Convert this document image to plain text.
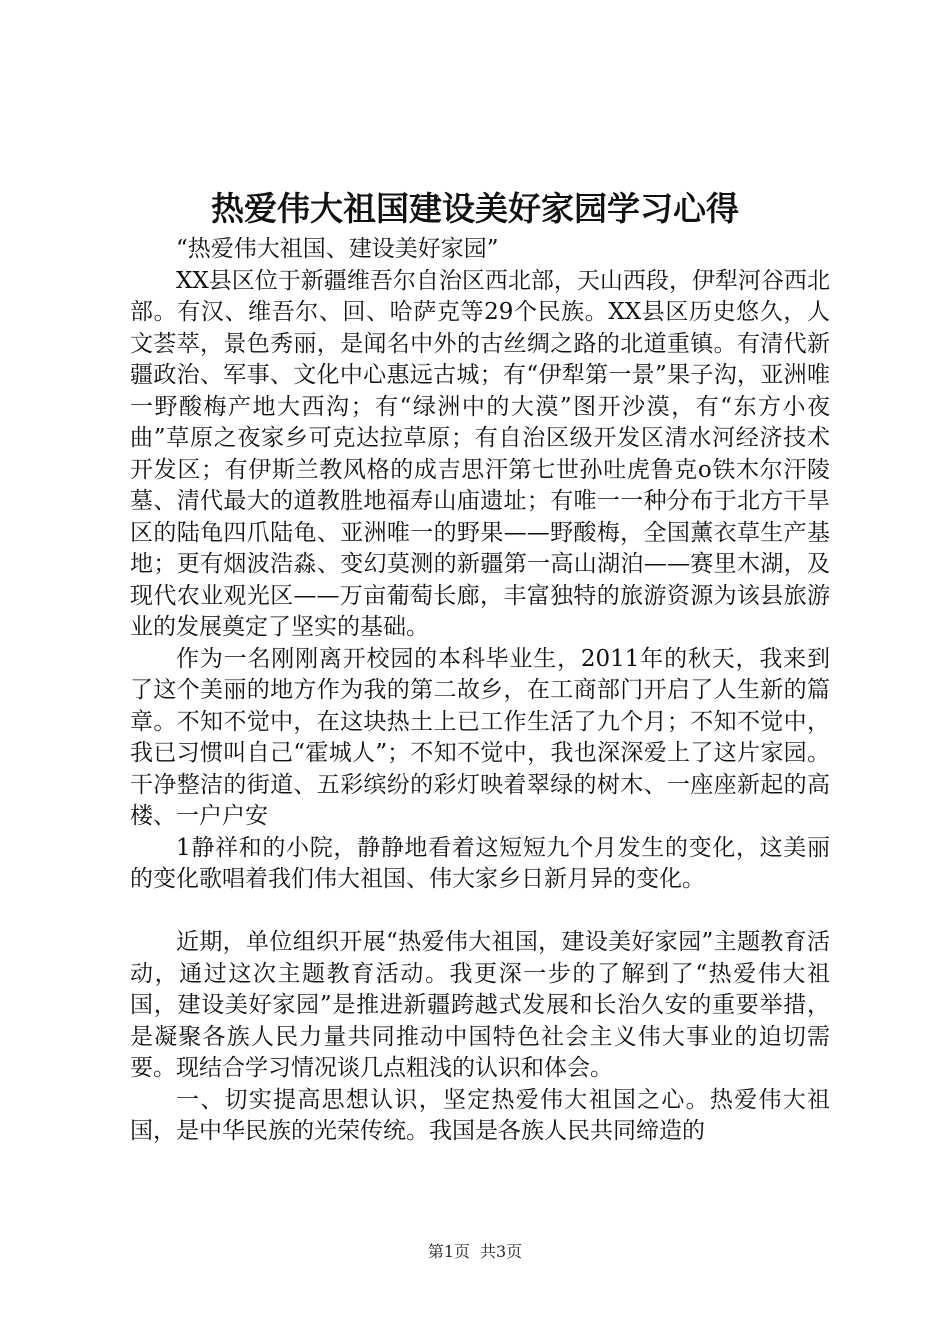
热爱伟大祖国建设美好家园学习心得

“热爱伟大祖国、建设美好家园”

XX县区位于新疆维吾尔自治区西北部，天山西段，伊犁河谷西北部。有汉、维吾尔、回、哈萨克等29个民族。XX县区历史悠久，人文荟萃，景色秀丽，是闻名中外的古丝绸之路的北道重镇。有清代新疆政治、军事、文化中心惠远古城；有“伊犁第一景”果子沟，亚洲唯一野酸梅产地大西沟；有“绿洲中的大漠”图开沙漠，有“东方小夜曲”草原之夜家乡可克达拉草原；有自治区级开发区清水河经济技术开发区；有伊斯兰教风格的成吉思汗第七世孙吐虎鲁克o铁木尔汗陵墓、清代最大的道教胜地福寿山庙遗址；有唯一一种分布于北方干旱区的陆龟四爪陆龟、亚洲唯一的野果——野酸梅，全国薰衣草生产基地；更有烟波浩淼、变幻莫测的新疆第一高山湖泊——赛里木湖，及现代农业观光区——万亩葡萄长廊，丰富独特的旅游资源为该县旅游业的发展奠定了坚实的基础。

作为一名刚刚离开校园的本科毕业生，2011年的秋天，我来到了这个美丽的地方作为我的第二故乡，在工商部门开启了人生新的篇章。不知不觉中，在这块热土上已工作生活了九个月；不知不觉中，我已习惯叫自己“霍城人”；不知不觉中，我也深深爱上了这片家园。干净整洁的街道、五彩缤纷的彩灯映着翠绿的树木、一座座新起的高楼、一户户安

1静祥和的小院，静静地看着这短短九个月发生的变化，这美丽的变化歌唱着我们伟大祖国、伟大家乡日新月异的变化。

近期，单位组织开展“热爱伟大祖国，建设美好家园”主题教育活动，通过这次主题教育活动。我更深一步的了解到了“热爱伟大祖国，建设美好家园”是推进新疆跨越式发展和长治久安的重要举措，是凝聚各族人民力量共同推动中国特色社会主义伟大事业的迫切需要。现结合学习情况谈几点粗浅的认识和体会。

一、切实提高思想认识，坚定热爱伟大祖国之心。热爱伟大祖国，是中华民族的光荣传统。我国是各族人民共同缔造的

第1页 共3页
